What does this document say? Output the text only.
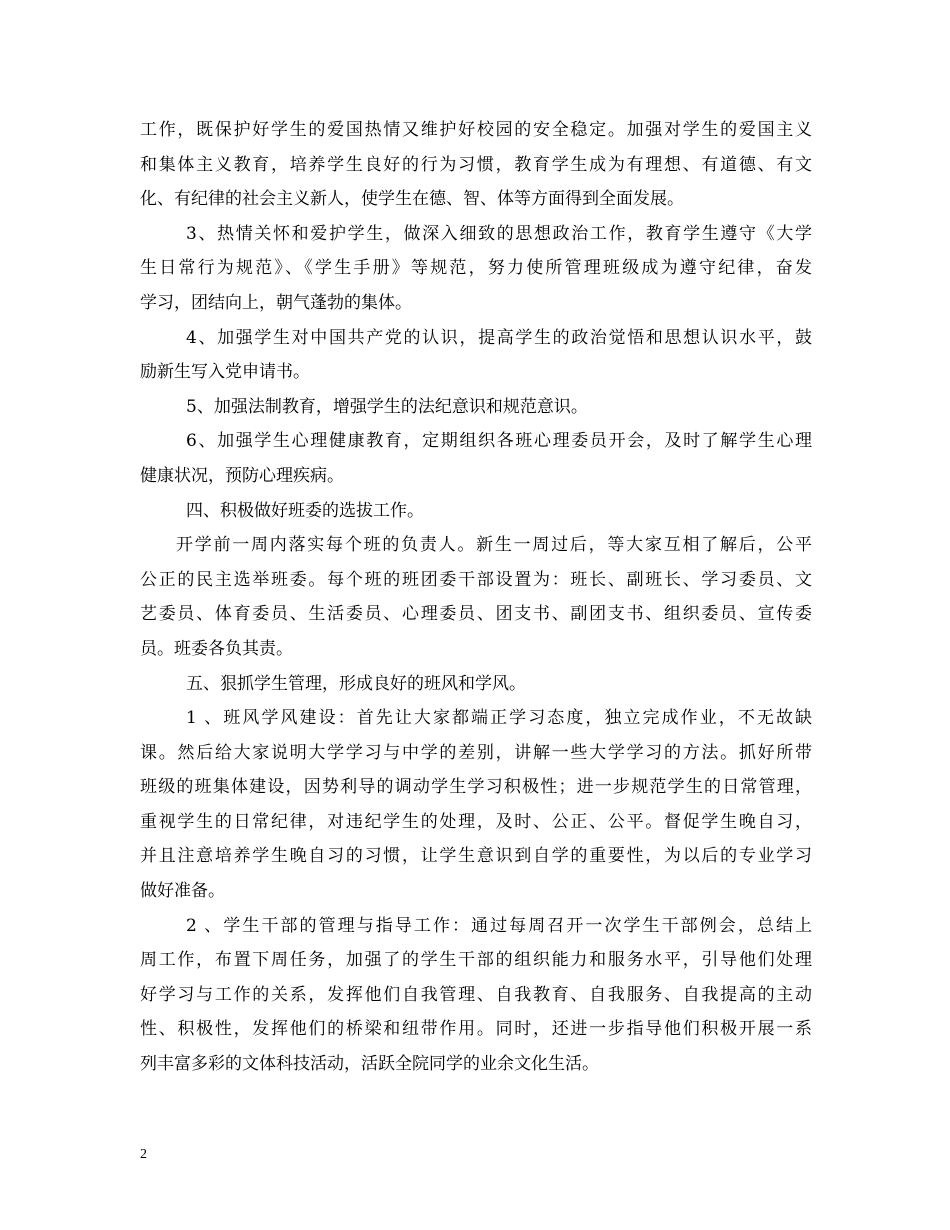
工作，既保护好学生的爱国热情又维护好校园的安全稳定。加强对学生的爱国主义
和集体主义教育，培养学生良好的行为习惯，教育学生成为有理想、有道德、有文
化、有纪律的社会主义新人，使学生在德、智、体等方面得到全面发展。
3、热情关怀和爱护学生，做深入细致的思想政治工作，教育学生遵守《大学
生日常行为规范》、《学生手册》等规范，努力使所管理班级成为遵守纪律，奋发
学习，团结向上，朝气蓬勃的集体。
4、加强学生对中国共产党的认识，提高学生的政治觉悟和思想认识水平，鼓
励新生写入党申请书。
5、加强法制教育，增强学生的法纪意识和规范意识。
6、加强学生心理健康教育，定期组织各班心理委员开会，及时了解学生心理
健康状况，预防心理疾病。
四、积极做好班委的选拔工作。
开学前一周内落实每个班的负责人。新生一周过后，等大家互相了解后，公平
公正的民主选举班委。每个班的班团委干部设置为：班长、副班长、学习委员、文
艺委员、体育委员、生活委员、心理委员、团支书、副团支书、组织委员、宣传委
员。班委各负其责。
五、狠抓学生管理，形成良好的班风和学风。
1 、班风学风建设：首先让大家都端正学习态度，独立完成作业，不无故缺
课。然后给大家说明大学学习与中学的差别，讲解一些大学学习的方法。抓好所带
班级的班集体建设，因势利导的调动学生学习积极性；进一步规范学生的日常管理，
重视学生的日常纪律，对违纪学生的处理，及时、公正、公平。督促学生晚自习，
并且注意培养学生晚自习的习惯，让学生意识到自学的重要性，为以后的专业学习
做好准备。
2 、学生干部的管理与指导工作：通过每周召开一次学生干部例会，总结上
周工作，布置下周任务，加强了的学生干部的组织能力和服务水平，引导他们处理
好学习与工作的关系，发挥他们自我管理、自我教育、自我服务、自我提高的主动
性、积极性，发挥他们的桥梁和纽带作用。同时，还进一步指导他们积极开展一系
列丰富多彩的文体科技活动，活跃全院同学的业余文化生活。
2
